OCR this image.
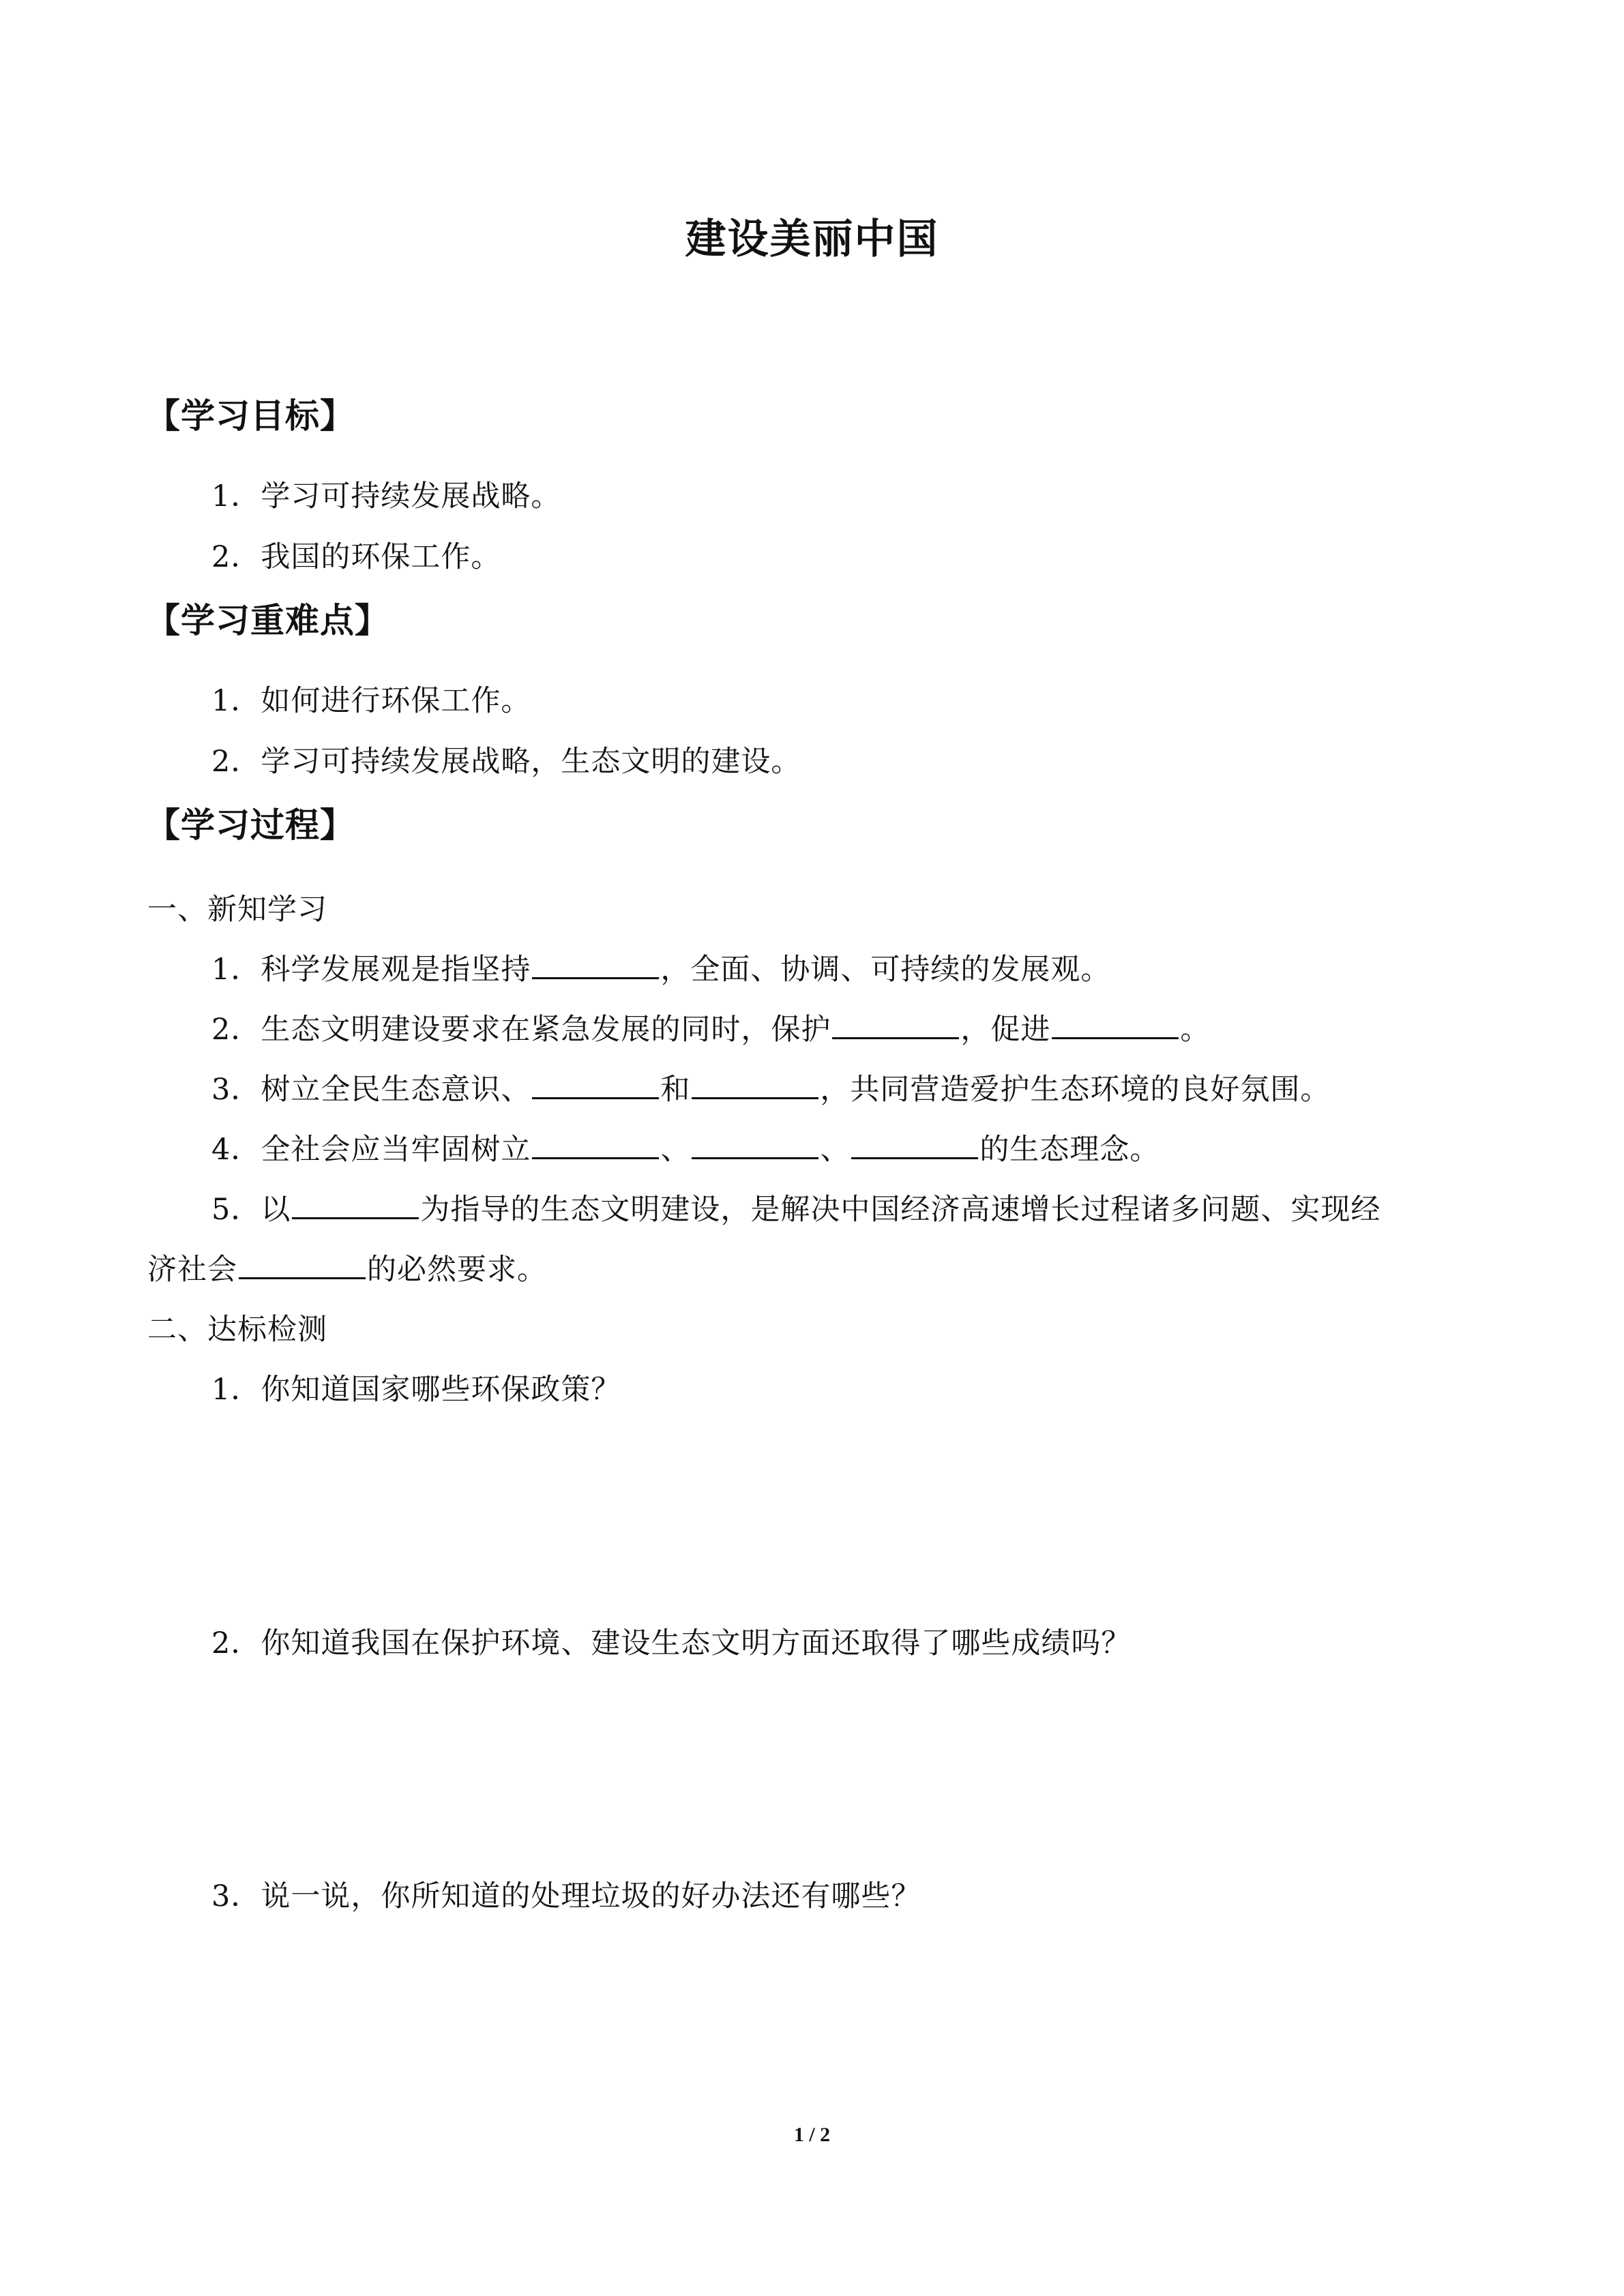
建设美丽中国
【学习目标】
1．学习可持续发展战略。
2．我国的环保工作。
【学习重难点】
1．如何进行环保工作。
2．学习可持续发展战略，生态文明的建设。
【学习过程】
一、新知学习
1．科学发展观是指坚持	，全面、协调、可持续的发展观。
2．生态文明建设要求在紧急发展的同时，保护	，促进	。
3．树立全民生态意识、	和	，共同营造爱护生态环境的良好氛围。
4．全社会应当牢固树立	、	、	的生态理念。
5．以	为指导的生态文明建设，是解决中国经济高速增长过程诸多问题、实现经
济社会	的必然要求。
二、达标检测
1．你知道国家哪些环保政策？
2．你知道我国在保护环境、建设生态文明方面还取得了哪些成绩吗？
3．说一说，你所知道的处理垃圾的好办法还有哪些？
1 / 2
